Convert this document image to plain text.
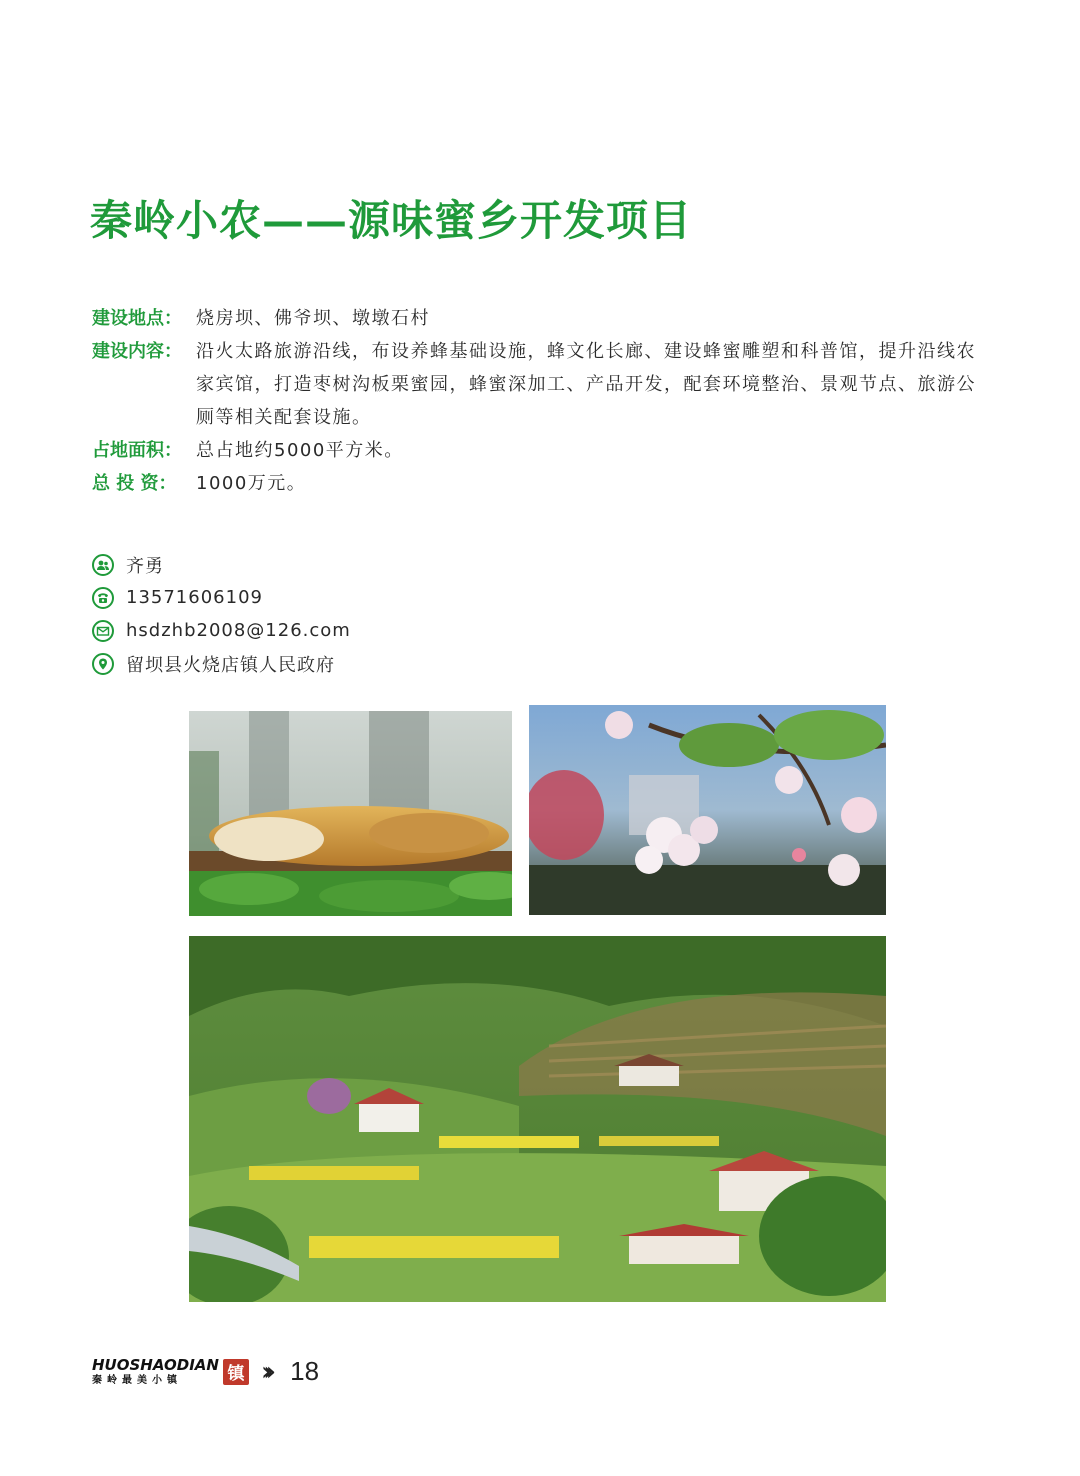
秦岭小农——源味蜜乡开发项目
建设地点： 烧房坝、佛爷坝、墩墩石村
建设内容： 沿火太路旅游沿线，布设养蜂基础设施，蜂文化长廊、建设蜂蜜雕塑和科普馆，提升沿线农家宾馆，打造枣树沟板栗蜜园，蜂蜜深加工、产品开发，配套环境整治、景观节点、旅游公厕等相关配套设施。
占地面积： 总占地约5000平方米。
总 投 资：	1000万元。
齐勇
13571606109
hsdzhb2008@126.com
留坝县火烧店镇人民政府
HUOSHAODIAN
秦岭最美小镇	镇 ››› 18
